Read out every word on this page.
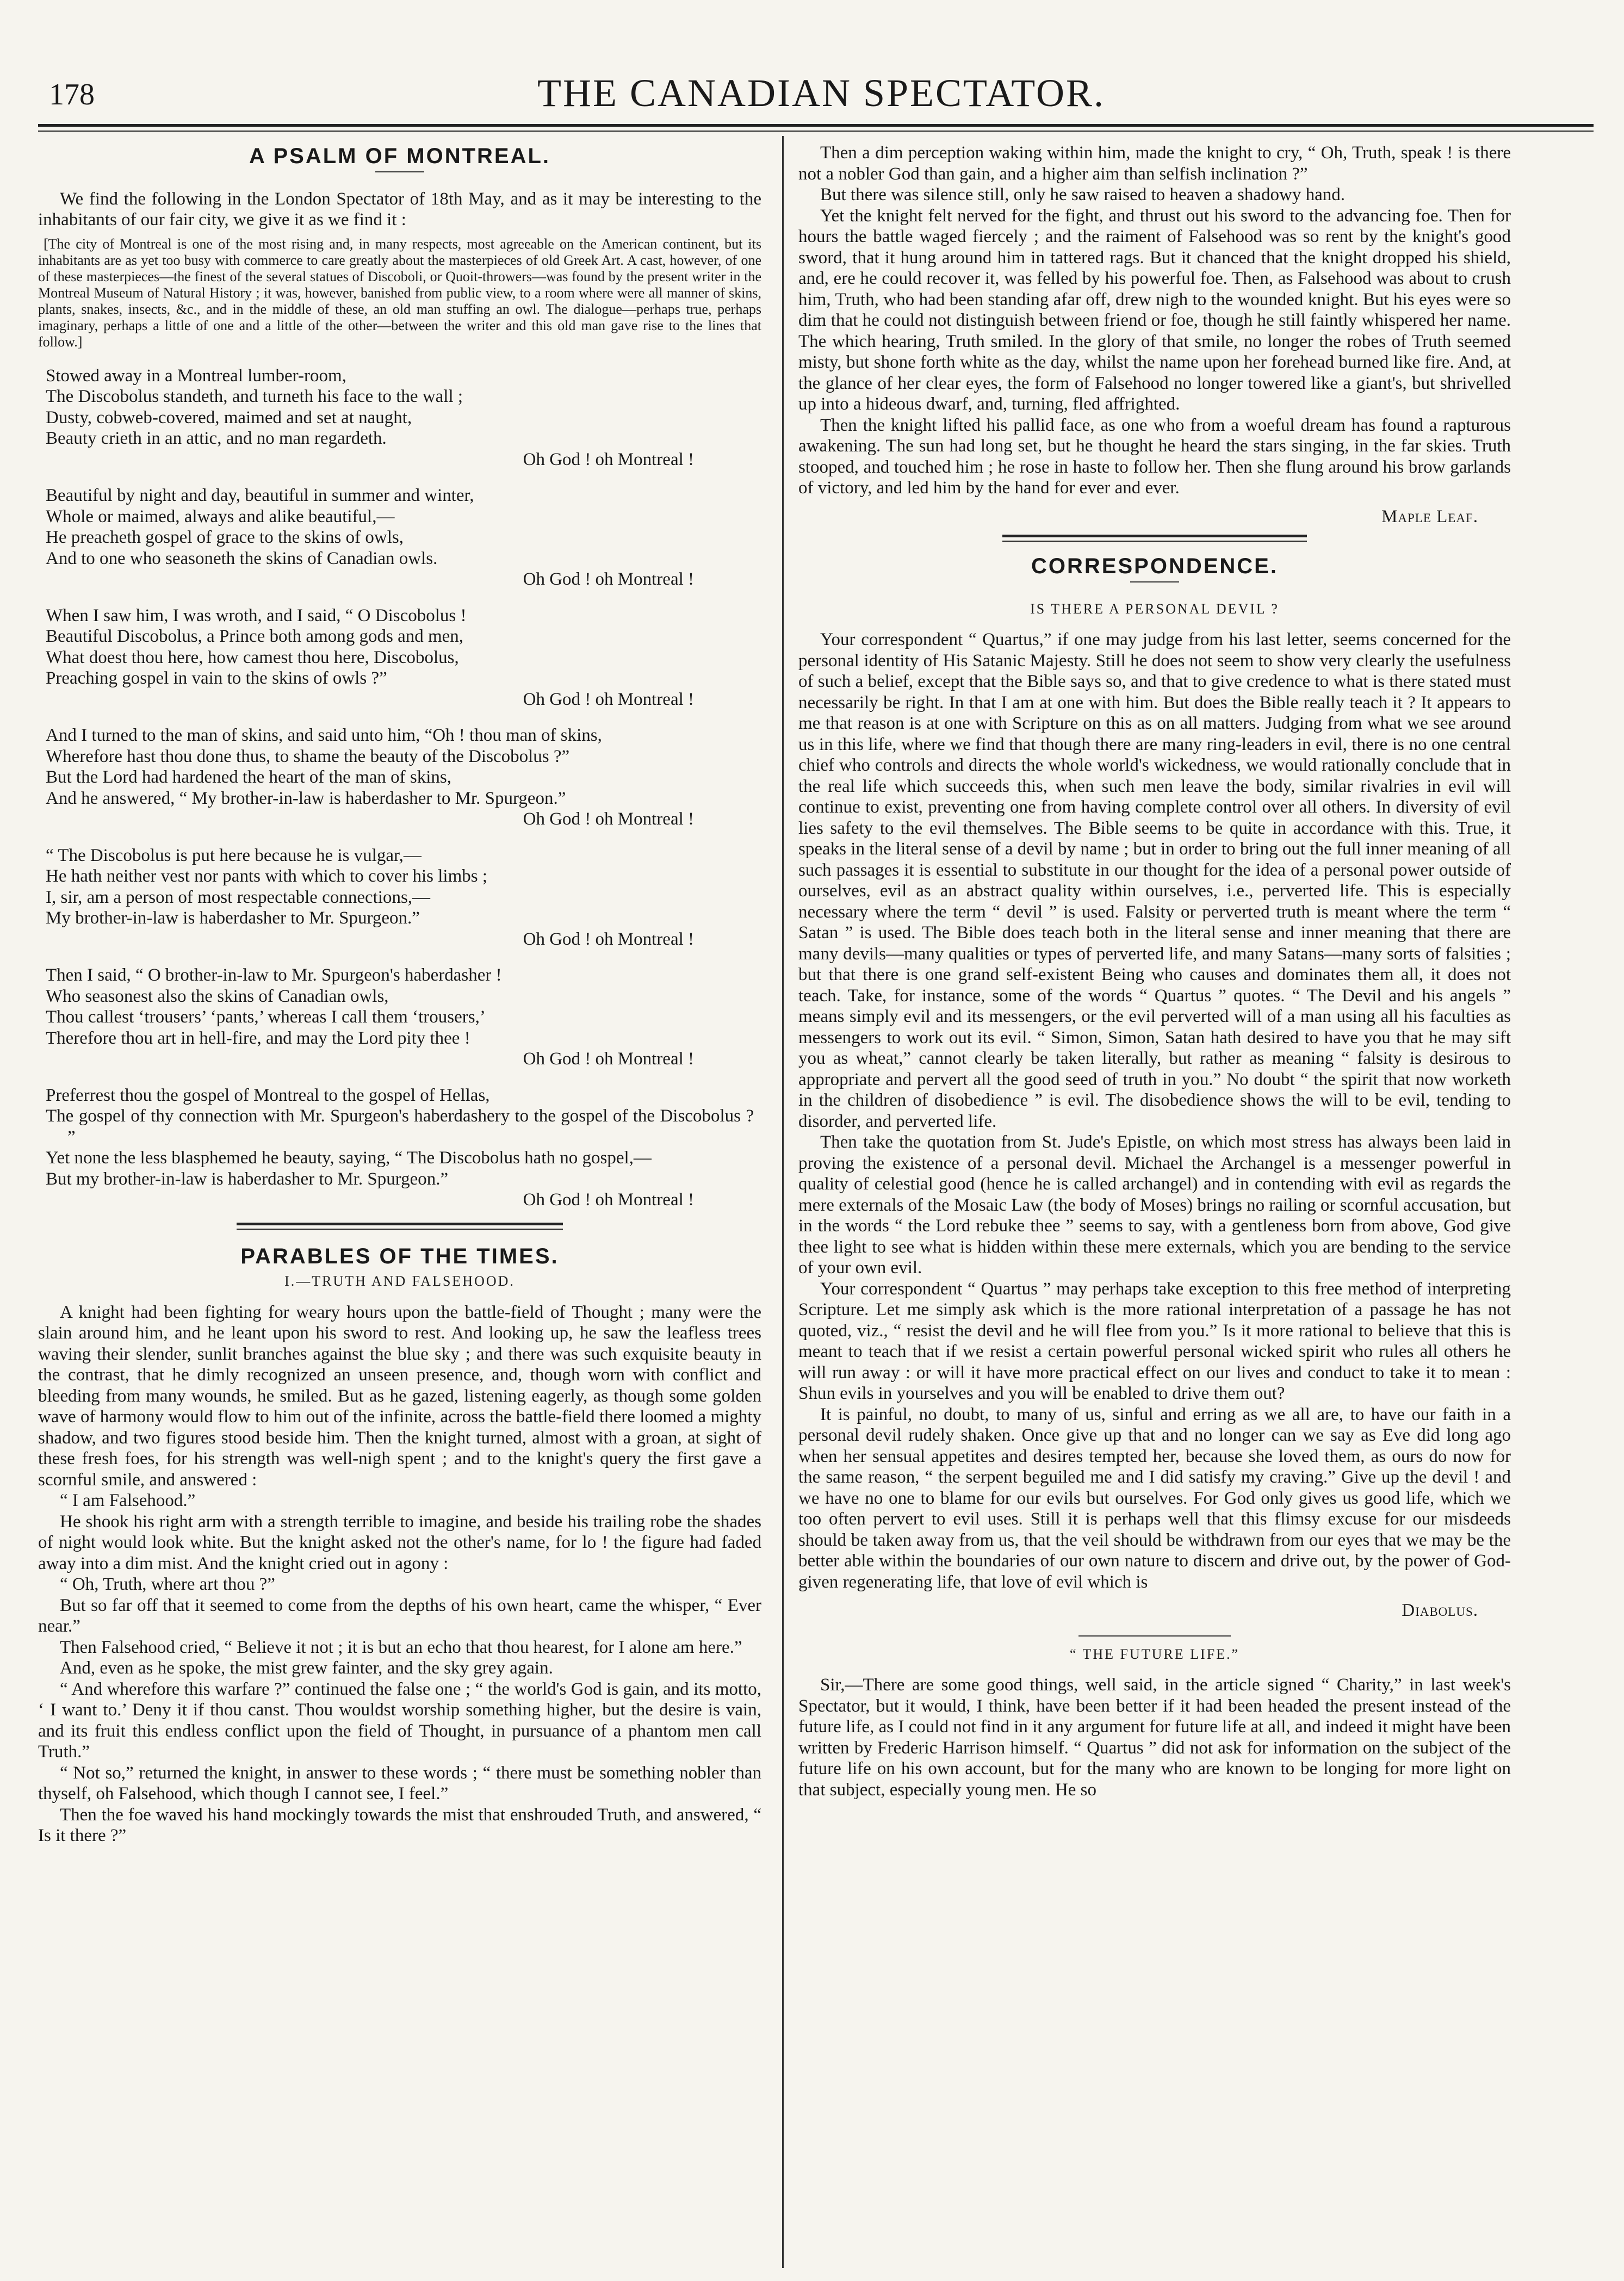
178	THE CANADIAN SPECTATOR.
A PSALM OF MONTREAL.

We find the following in the London Spectator of 18th May, and as it may be interesting to the inhabitants of our fair city, we give it as we find it :

[The city of Montreal is one of the most rising and, in many respects, most agreeable on the American continent, but its inhabitants are as yet too busy with commerce to care greatly about the masterpieces of old Greek Art. A cast, however, of one of these masterpieces—the finest of the several statues of Discoboli, or Quoit-throwers—was found by the present writer in the Montreal Museum of Natural History ; it was, however, banished from public view, to a room where were all manner of skins, plants, snakes, insects, &c., and in the middle of these, an old man stuffing an owl. The dialogue—perhaps true, perhaps imaginary, perhaps a little of one and a little of the other—between the writer and this old man gave rise to the lines that follow.]
Stowed away in a Montreal lumber-room,
The Discobolus standeth, and turneth his face to the wall ;
Dusty, cobweb-covered, maimed and set at naught,
Beauty crieth in an attic, and no man regardeth.
Oh God ! oh Montreal !
Beautiful by night and day, beautiful in summer and winter,
Whole or maimed, always and alike beautiful,—
He preacheth gospel of grace to the skins of owls,
And to one who seasoneth the skins of Canadian owls.
Oh God ! oh Montreal !
When I saw him, I was wroth, and I said, “ O Discobolus !
Beautiful Discobolus, a Prince both among gods and men,
What doest thou here, how camest thou here, Discobolus,
Preaching gospel in vain to the skins of owls ?”
Oh God ! oh Montreal !
And I turned to the man of skins, and said unto him, “Oh ! thou man of skins,
Wherefore hast thou done thus, to shame the beauty of the Discobolus ?”
But the Lord had hardened the heart of the man of skins,
And he answered, “ My brother-in-law is haberdasher to Mr. Spurgeon.”
Oh God ! oh Montreal !
“ The Discobolus is put here because he is vulgar,—
He hath neither vest nor pants with which to cover his limbs ;
I, sir, am a person of most respectable connections,—
My brother-in-law is haberdasher to Mr. Spurgeon.”
Oh God ! oh Montreal !
Then I said, “ O brother-in-law to Mr. Spurgeon's haberdasher !
Who seasonest also the skins of Canadian owls,
Thou callest ‘trousers’ ‘pants,’ whereas I call them ‘trousers,’
Therefore thou art in hell-fire, and may the Lord pity thee !
Oh God ! oh Montreal !
Preferrest thou the gospel of Montreal to the gospel of Hellas,
The gospel of thy connection with Mr. Spurgeon's haberdashery to the gospel of the Discobolus ? ”
Yet none the less blasphemed he beauty, saying, “ The Discobolus hath no gospel,—
But my brother-in-law is haberdasher to Mr. Spurgeon.”
Oh God ! oh Montreal !
PARABLES OF THE TIMES.
I.—TRUTH AND FALSEHOOD.

A knight had been fighting for weary hours upon the battle-field of Thought ; many were the slain around him, and he leant upon his sword to rest. And looking up, he saw the leafless trees waving their slender, sunlit branches against the blue sky ; and there was such exquisite beauty in the contrast, that he dimly recognized an unseen presence, and, though worn with conflict and bleeding from many wounds, he smiled. But as he gazed, listening eagerly, as though some golden wave of harmony would flow to him out of the infinite, across the battle-field there loomed a mighty shadow, and two figures stood beside him. Then the knight turned, almost with a groan, at sight of these fresh foes, for his strength was well-nigh spent ; and to the knight's query the first gave a scornful smile, and answered :

“ I am Falsehood.”

He shook his right arm with a strength terrible to imagine, and beside his trailing robe the shades of night would look white. But the knight asked not the other's name, for lo ! the figure had faded away into a dim mist. And the knight cried out in agony :

“ Oh, Truth, where art thou ?”

But so far off that it seemed to come from the depths of his own heart, came the whisper, “ Ever near.”

Then Falsehood cried, “ Believe it not ; it is but an echo that thou hearest, for I alone am here.”

And, even as he spoke, the mist grew fainter, and the sky grey again.

“ And wherefore this warfare ?” continued the false one ; “ the world's God is gain, and its motto, ‘ I want to.’ Deny it if thou canst. Thou wouldst worship something higher, but the desire is vain, and its fruit this endless conflict upon the field of Thought, in pursuance of a phantom men call Truth.”

“ Not so,” returned the knight, in answer to these words ; “ there must be something nobler than thyself, oh Falsehood, which though I cannot see, I feel.”

Then the foe waved his hand mockingly towards the mist that enshrouded Truth, and answered, “ Is it there ?”

Then a dim perception waking within him, made the knight to cry, “ Oh, Truth, speak ! is there not a nobler God than gain, and a higher aim than selfish inclination ?”

But there was silence still, only he saw raised to heaven a shadowy hand.

Yet the knight felt nerved for the fight, and thrust out his sword to the advancing foe. Then for hours the battle waged fiercely ; and the raiment of Falsehood was so rent by the knight's good sword, that it hung around him in tattered rags. But it chanced that the knight dropped his shield, and, ere he could recover it, was felled by his powerful foe. Then, as Falsehood was about to crush him, Truth, who had been standing afar off, drew nigh to the wounded knight. But his eyes were so dim that he could not distinguish between friend or foe, though he still faintly whispered her name. The which hearing, Truth smiled. In the glory of that smile, no longer the robes of Truth seemed misty, but shone forth white as the day, whilst the name upon her forehead burned like fire. And, at the glance of her clear eyes, the form of Falsehood no longer towered like a giant's, but shrivelled up into a hideous dwarf, and, turning, fled affrighted.

Then the knight lifted his pallid face, as one who from a woeful dream has found a rapturous awakening. The sun had long set, but he thought he heard the stars singing, in the far skies. Truth stooped, and touched him ; he rose in haste to follow her. Then she flung around his brow garlands of victory, and led him by the hand for ever and ever.

Maple Leaf.
CORRESPONDENCE.
IS THERE A PERSONAL DEVIL ?

Your correspondent “ Quartus,” if one may judge from his last letter, seems concerned for the personal identity of His Satanic Majesty. Still he does not seem to show very clearly the usefulness of such a belief, except that the Bible says so, and that to give credence to what is there stated must necessarily be right. In that I am at one with him. But does the Bible really teach it ? It appears to me that reason is at one with Scripture on this as on all matters. Judging from what we see around us in this life, where we find that though there are many ring-leaders in evil, there is no one central chief who controls and directs the whole world's wickedness, we would rationally conclude that in the real life which succeeds this, when such men leave the body, similar rivalries in evil will continue to exist, preventing one from having complete control over all others. In diversity of evil lies safety to the evil themselves. The Bible seems to be quite in accordance with this. True, it speaks in the literal sense of a devil by name ; but in order to bring out the full inner meaning of all such passages it is essential to substitute in our thought for the idea of a personal power outside of ourselves, evil as an abstract quality within ourselves, i.e., perverted life. This is especially necessary where the term “ devil ” is used. Falsity or perverted truth is meant where the term “ Satan ” is used. The Bible does teach both in the literal sense and inner meaning that there are many devils—many qualities or types of perverted life, and many Satans—many sorts of falsities ; but that there is one grand self-existent Being who causes and dominates them all, it does not teach. Take, for instance, some of the words “ Quartus ” quotes. “ The Devil and his angels ” means simply evil and its messengers, or the evil perverted will of a man using all his faculties as messengers to work out its evil. “ Simon, Simon, Satan hath desired to have you that he may sift you as wheat,” cannot clearly be taken literally, but rather as meaning “ falsity is desirous to appropriate and pervert all the good seed of truth in you.” No doubt “ the spirit that now worketh in the children of disobedience ” is evil. The disobedience shows the will to be evil, tending to disorder, and perverted life.

Then take the quotation from St. Jude's Epistle, on which most stress has always been laid in proving the existence of a personal devil. Michael the Archangel is a messenger powerful in quality of celestial good (hence he is called archangel) and in contending with evil as regards the mere externals of the Mosaic Law (the body of Moses) brings no railing or scornful accusation, but in the words “ the Lord rebuke thee ” seems to say, with a gentleness born from above, God give thee light to see what is hidden within these mere externals, which you are bending to the service of your own evil.

Your correspondent “ Quartus ” may perhaps take exception to this free method of interpreting Scripture. Let me simply ask which is the more rational interpretation of a passage he has not quoted, viz., “ resist the devil and he will flee from you.” Is it more rational to believe that this is meant to teach that if we resist a certain powerful personal wicked spirit who rules all others he will run away : or will it have more practical effect on our lives and conduct to take it to mean : Shun evils in yourselves and you will be enabled to drive them out?

It is painful, no doubt, to many of us, sinful and erring as we all are, to have our faith in a personal devil rudely shaken. Once give up that and no longer can we say as Eve did long ago when her sensual appetites and desires tempted her, because she loved them, as ours do now for the same reason, “ the serpent beguiled me and I did satisfy my craving.” Give up the devil ! and we have no one to blame for our evils but ourselves. For God only gives us good life, which we too often pervert to evil uses. Still it is perhaps well that this flimsy excuse for our misdeeds should be taken away from us, that the veil should be withdrawn from our eyes that we may be the better able within the boundaries of our own nature to discern and drive out, by the power of God-given regenerating life, that love of evil which is

Diabolus.
“ THE FUTURE LIFE.”

Sir,—There are some good things, well said, in the article signed “ Charity,” in last week's Spectator, but it would, I think, have been better if it had been headed the present instead of the future life, as I could not find in it any argument for future life at all, and indeed it might have been written by Frederic Harrison himself. “ Quartus ” did not ask for information on the subject of the future life on his own account, but for the many who are known to be longing for more light on that subject, especially young men. He so
